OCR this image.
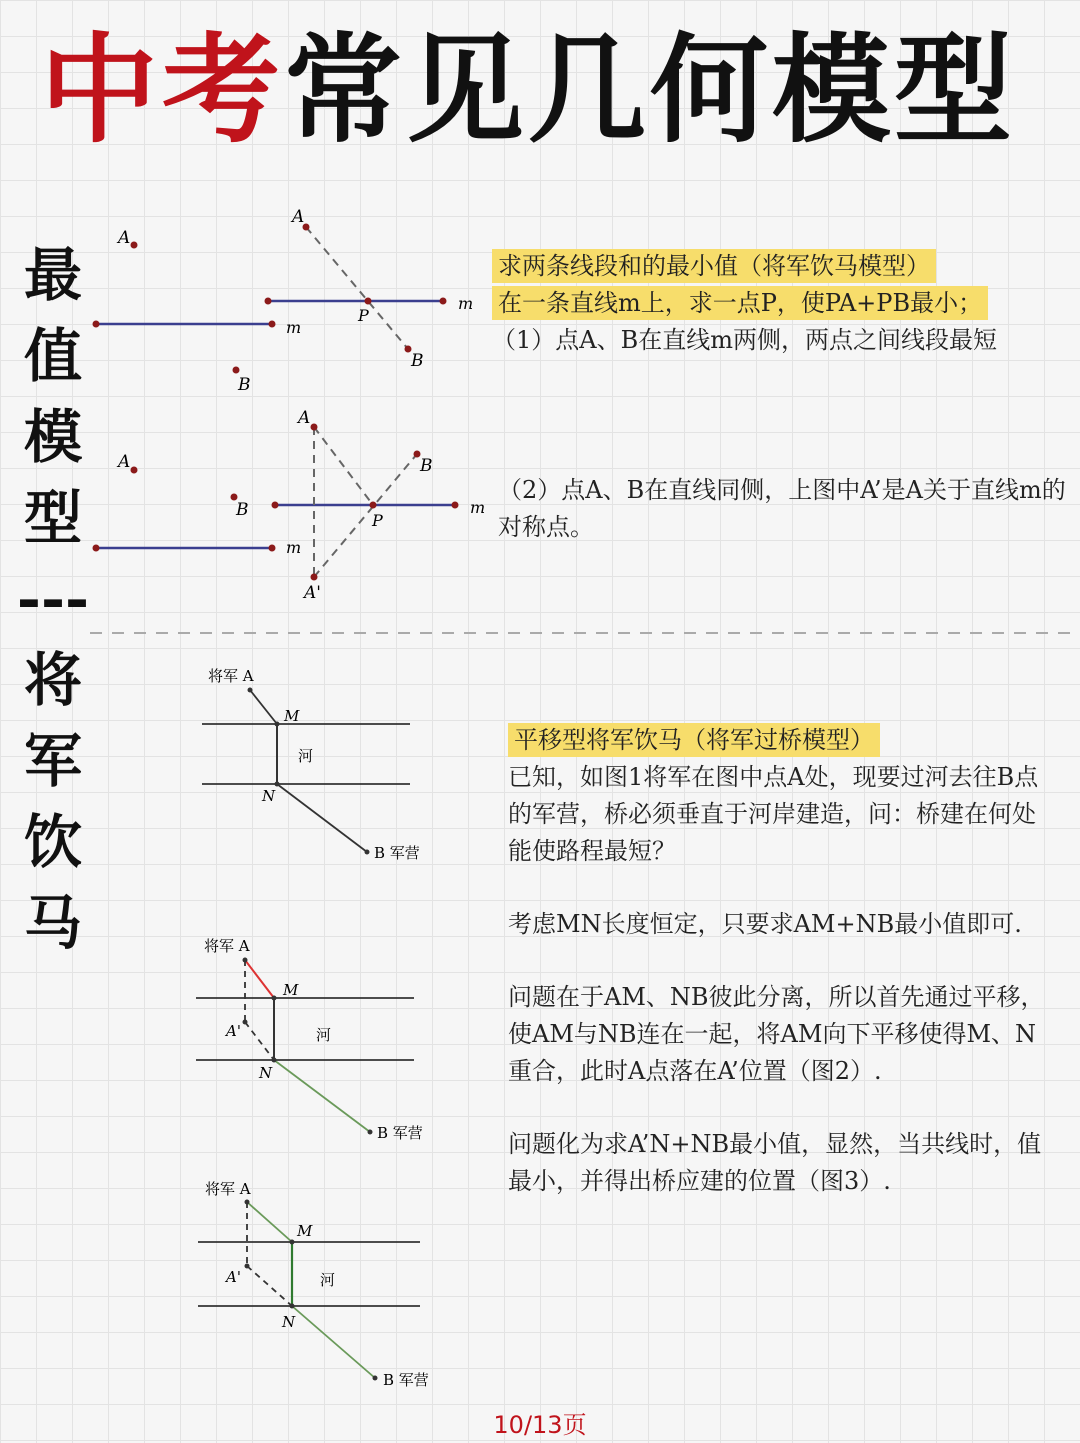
中考常见几何模型
最
值
模
型
---
将
军
饮
马
A
B
m
A
B
P
m
A
B
m
A
B
P
A'
m
将军 A
M
河
N
B 军营
将军 A
M
A'	河
N
B 军营
将军 A
M
A'	河
N
B 军营
求两条线段和的最小值（将军饮马模型）
在一条直线m上，求一点P，使PA+PB最小；
（1）点A、B在直线m两侧，两点之间线段最短
（2）点A、B在直线同侧，上图中A’是A关于直线m的对称点。
平移型将军饮马（将军过桥模型）
已知，如图1将军在图中点A处，现要过河去往B点的军营，桥必须垂直于河岸建造，问：桥建在何处能使路程最短？
考虑MN长度恒定，只要求AM+NB最小值即可.
问题在于AM、NB彼此分离，所以首先通过平移，使AM与NB连在一起，将AM向下平移使得M、N重合，此时A点落在A’位置（图2）.
问题化为求A’N+NB最小值，显然，当共线时，值最小，并得出桥应建的位置（图3）.
10/13页
